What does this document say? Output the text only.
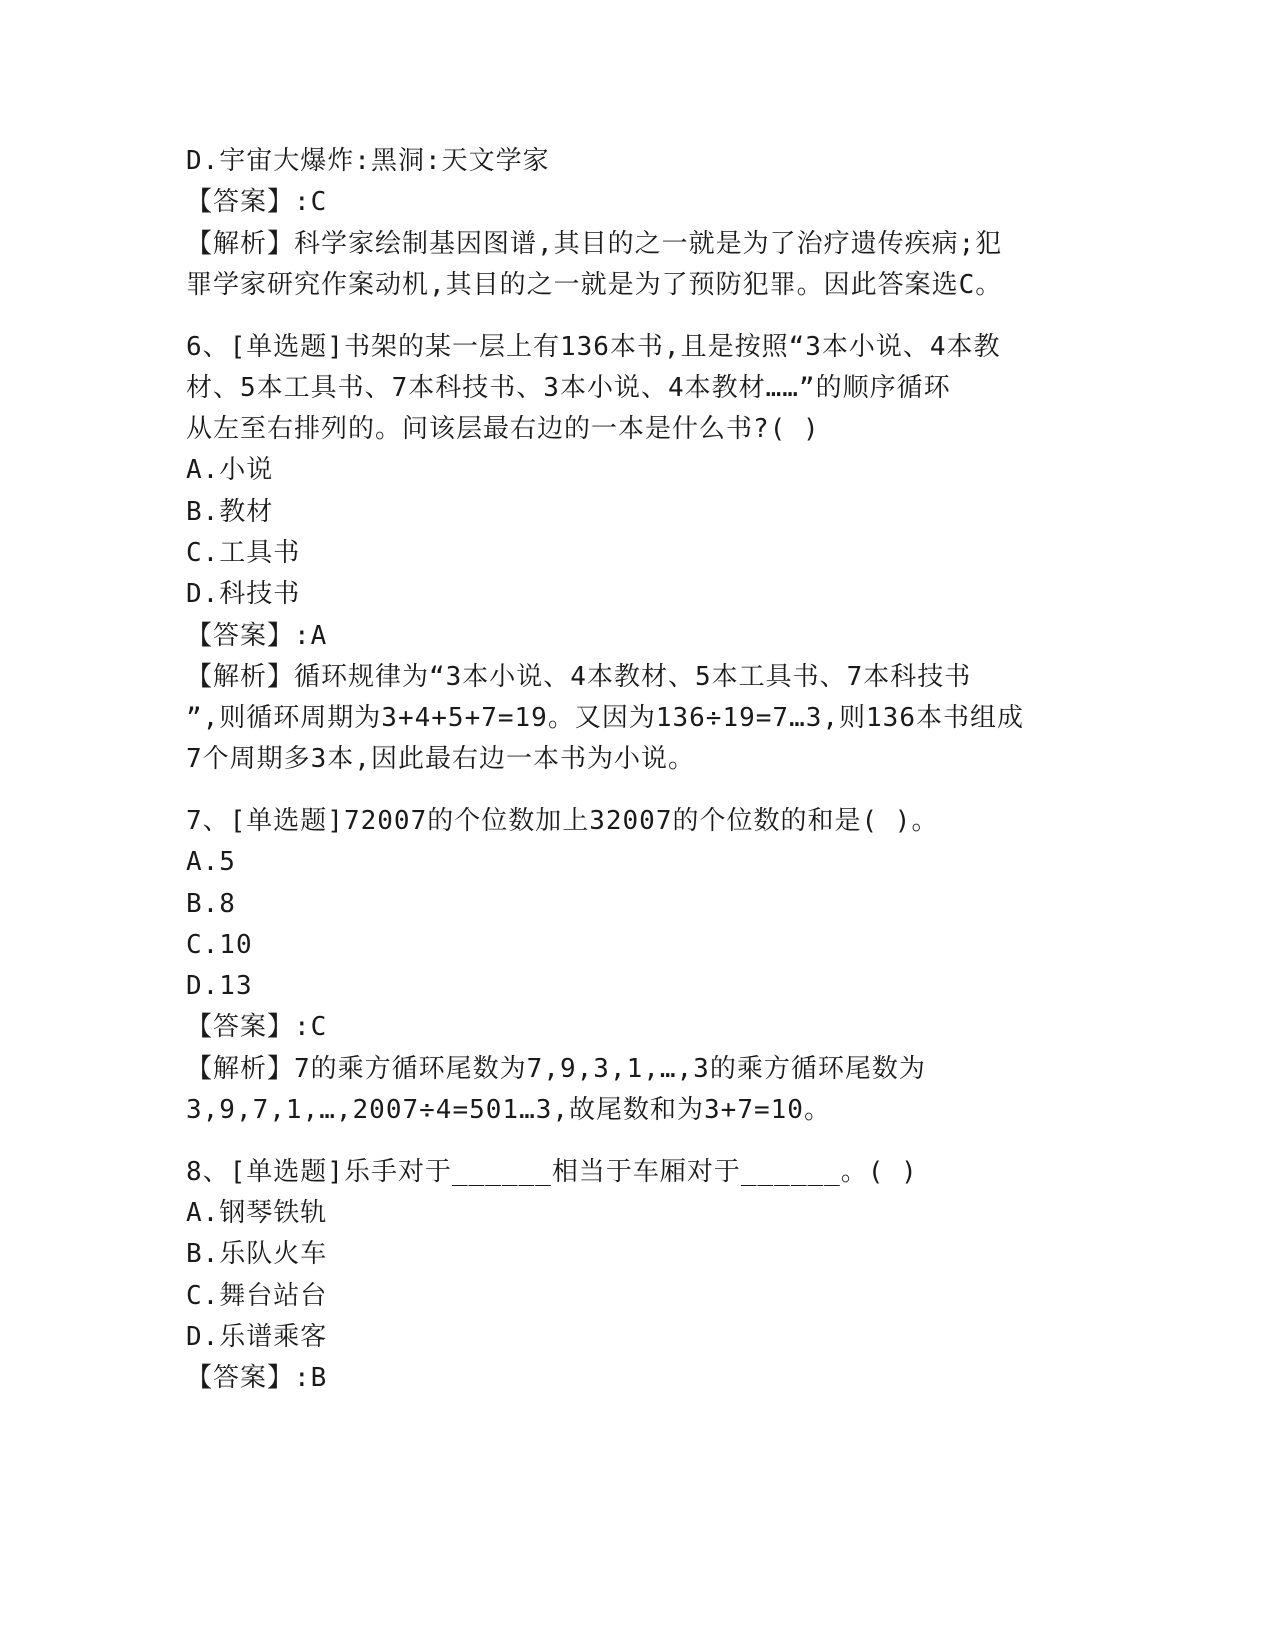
D.宇宙大爆炸:黑洞:天文学家
【答案】:C
【解析】科学家绘制基因图谱,其目的之一就是为了治疗遗传疾病;犯
罪学家研究作案动机,其目的之一就是为了预防犯罪。因此答案选C。
6、[单选题]书架的某一层上有136本书,且是按照“3本小说、4本教
材、5本工具书、7本科技书、3本小说、4本教材……”的顺序循环
从左至右排列的。问该层最右边的一本是什么书?( )
A.小说
B.教材
C.工具书
D.科技书
【答案】:A
【解析】循环规律为“3本小说、4本教材、5本工具书、7本科技书
”,则循环周期为3+4+5+7=19。又因为136÷19=7…3,则136本书组成
7个周期多3本,因此最右边一本书为小说。
7、[单选题]72007的个位数加上32007的个位数的和是( )。
A.5
B.8
C.10
D.13
【答案】:C
【解析】7的乘方循环尾数为7,9,3,1,…,3的乘方循环尾数为
3,9,7,1,…,2007÷4=501…3,故尾数和为3+7=10。
8、[单选题]乐手对于______相当于车厢对于______。( )
A.钢琴铁轨
B.乐队火车
C.舞台站台
D.乐谱乘客
【答案】:B
